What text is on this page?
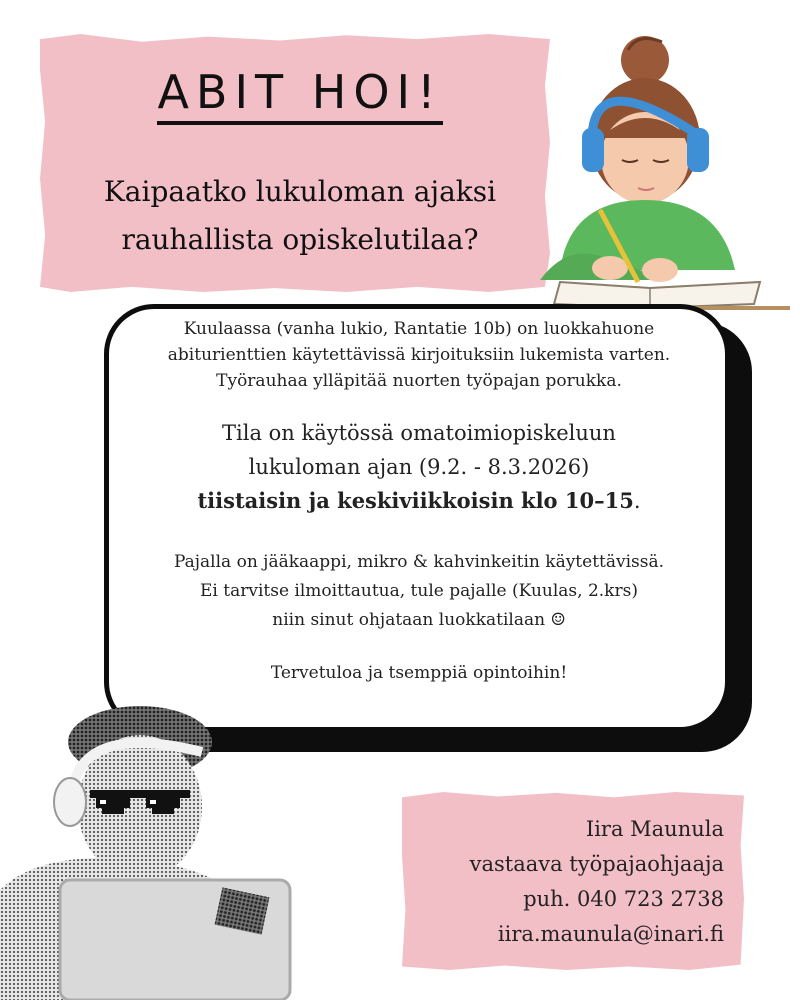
ABIT HOI!
Kaipaatko lukuloman ajaksi
rauhallista opiskelutilaa?
Kuulaassa (vanha lukio, Rantatie 10b) on luokkahuone
abiturienttien käytettävissä kirjoituksiin lukemista varten.
Työrauhaa ylläpitää nuorten työpajan porukka.
Tila on käytössä omatoimiopiskeluun
lukuloman ajan (9.2. - 8.3.2026)
tiistaisin ja keskiviikkoisin klo 10–15.
Pajalla on jääkaappi, mikro & kahvinkeitin käytettävissä.
Ei tarvitse ilmoittautua, tule pajalle (Kuulas, 2.krs)
niin sinut ohjataan luokkatilaan ☺
Tervetuloa ja tsemppiä opintoihin!
Iira Maunula
vastaava työpajaohjaaja
puh. 040 723 2738
iira.maunula@inari.fi
